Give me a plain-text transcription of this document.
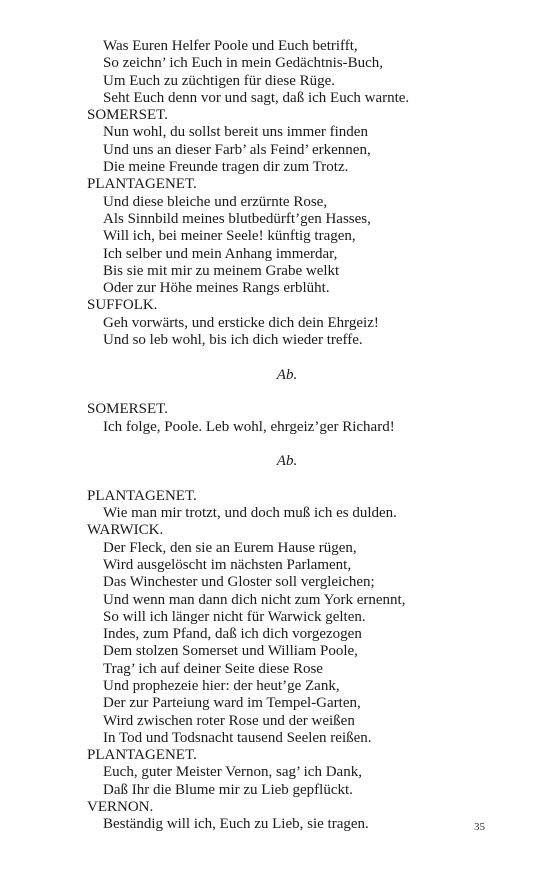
Was Euren Helfer Poole und Euch betrifft,
So zeichn’ ich Euch in mein Gedächtnis-Buch,
Um Euch zu züchtigen für diese Rüge.
Seht Euch denn vor und sagt, daß ich Euch warnte.
SOMERSET.
Nun wohl, du sollst bereit uns immer finden
Und uns an dieser Farb’ als Feind’ erkennen,
Die meine Freunde tragen dir zum Trotz.
PLANTAGENET.
Und diese bleiche und erzürnte Rose,
Als Sinnbild meines blutbedürft’gen Hasses,
Will ich, bei meiner Seele! künftig tragen,
Ich selber und mein Anhang immerdar,
Bis sie mit mir zu meinem Grabe welkt
Oder zur Höhe meines Rangs erblüht.
SUFFOLK.
Geh vorwärts, und ersticke dich dein Ehrgeiz!
Und so leb wohl, bis ich dich wieder treffe.
Ab.
SOMERSET.
Ich folge, Poole. Leb wohl, ehrgeiz’ger Richard!
Ab.
PLANTAGENET.
Wie man mir trotzt, und doch muß ich es dulden.
WARWICK.
Der Fleck, den sie an Eurem Hause rügen,
Wird ausgelöscht im nächsten Parlament,
Das Winchester und Gloster soll vergleichen;
Und wenn man dann dich nicht zum York ernennt,
So will ich länger nicht für Warwick gelten.
Indes, zum Pfand, daß ich dich vorgezogen
Dem stolzen Somerset und William Poole,
Trag’ ich auf deiner Seite diese Rose
Und prophezeie hier: der heut’ge Zank,
Der zur Parteiung ward im Tempel-Garten,
Wird zwischen roter Rose und der weißen
In Tod und Todsnacht tausend Seelen reißen.
PLANTAGENET.
Euch, guter Meister Vernon, sag’ ich Dank,
Daß Ihr die Blume mir zu Lieb gepflückt.
VERNON.
Beständig will ich, Euch zu Lieb, sie tragen.	35
